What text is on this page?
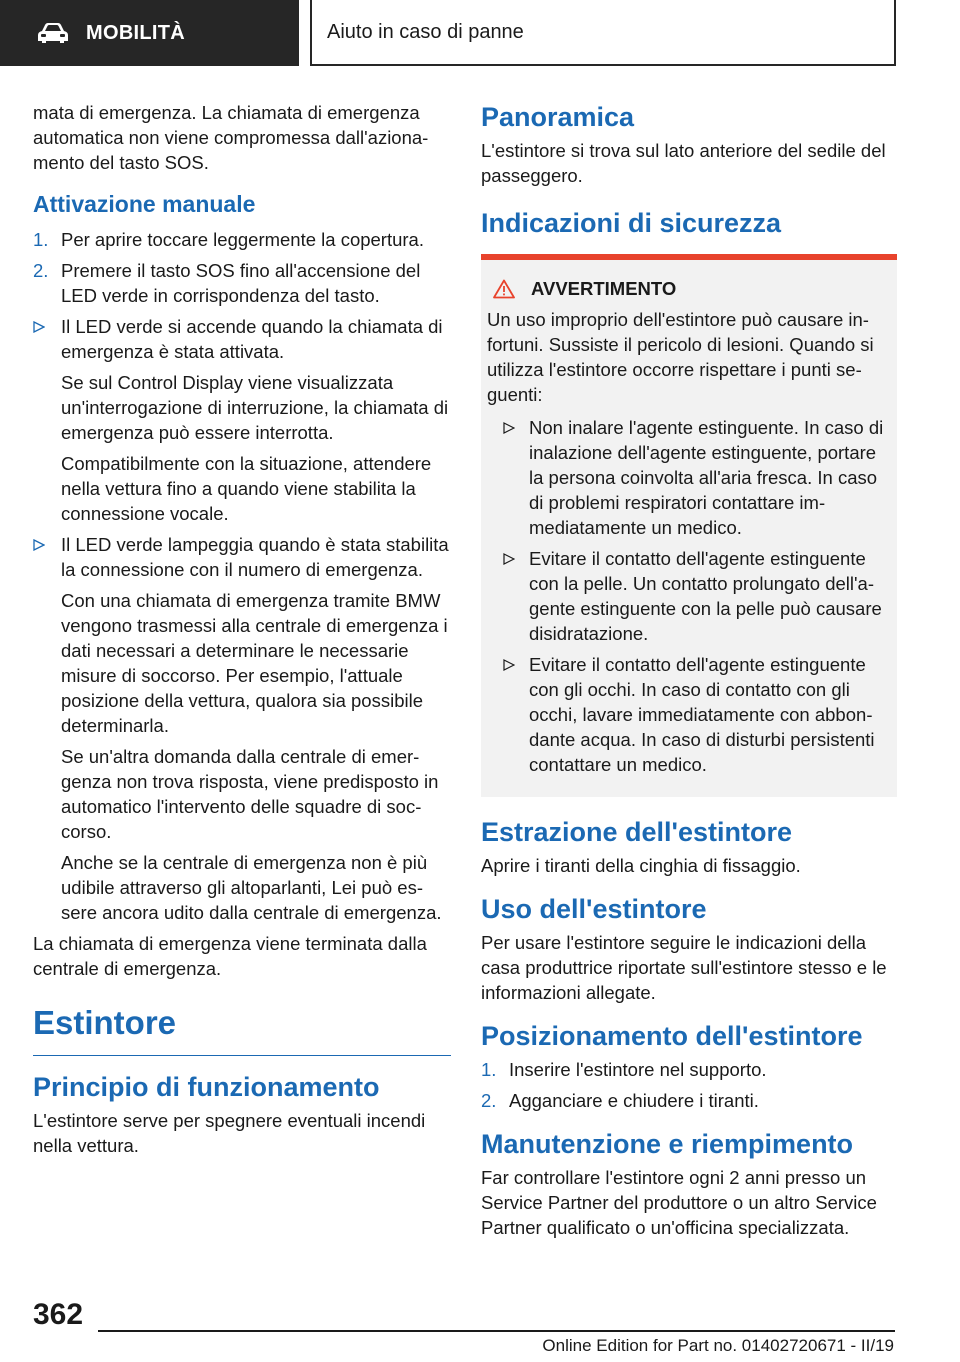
MOBILITÀ	Aiuto in caso di panne

mata di emergenza. La chiamata di emergenza automatica non viene compromessa dall'azionamento del tasto SOS.

Attivazione manuale
1. Per aprire toccare leggermente la copertura.
2. Premere il tasto SOS fino all'accensione del LED verde in corrispondenza del tasto.
Il LED verde si accende quando la chiamata di emergenza è stata attivata.
Se sul Control Display viene visualizzata un'interrogazione di interruzione, la chiamata di emergenza può essere interrotta.
Compatibilmente con la situazione, attendere nella vettura fino a quando viene stabilita la connessione vocale.
Il LED verde lampeggia quando è stata stabilita la connessione con il numero di emergenza.
Con una chiamata di emergenza tramite BMW vengono trasmessi alla centrale di emergenza i dati necessari a determinare le necessarie misure di soccorso. Per esempio, l'attuale posizione della vettura, qualora sia possibile determinarla.
Se un'altra domanda dalla centrale di emergenza non trova risposta, viene predisposto in automatico l'intervento delle squadre di soccorso.
Anche se la centrale di emergenza non è più udibile attraverso gli altoparlanti, Lei può essere ancora udito dalla centrale di emergenza.

La chiamata di emergenza viene terminata dalla centrale di emergenza.

Estintore
Principio di funzionamento

L'estintore serve per spegnere eventuali incendi nella vettura.

Panoramica

L'estintore si trova sul lato anteriore del sedile del passeggero.

Indicazioni di sicurezza
AVVERTIMENTO

Un uso improprio dell'estintore può causare infortuni. Sussiste il pericolo di lesioni. Quando si utilizza l'estintore occorre rispettare i punti seguenti:

Non inalare l'agente estinguente. In caso di inalazione dell'agente estinguente, portare la persona coinvolta all'aria fresca. In caso di problemi respiratori contattare immediatamente un medico.
Evitare il contatto dell'agente estinguente con la pelle. Un contatto prolungato dell'agente estinguente con la pelle può causare disidratazione.
Evitare il contatto dell'agente estinguente con gli occhi. In caso di contatto con gli occhi, lavare immediatamente con abbondante acqua. In caso di disturbi persistenti contattare un medico.
Estrazione dell'estintore

Aprire i tiranti della cinghia di fissaggio.

Uso dell'estintore

Per usare l'estintore seguire le indicazioni della casa produttrice riportate sull'estintore stesso e le informazioni allegate.

Posizionamento dell'estintore
1. Inserire l'estintore nel supporto.
2. Agganciare e chiudere i tiranti.
Manutenzione e riempimento

Far controllare l'estintore ogni 2 anni presso un Service Partner del produttore o un altro Service Partner qualificato o un'officina specializzata.

362
Online Edition for Part no. 01402720671 - II/19
